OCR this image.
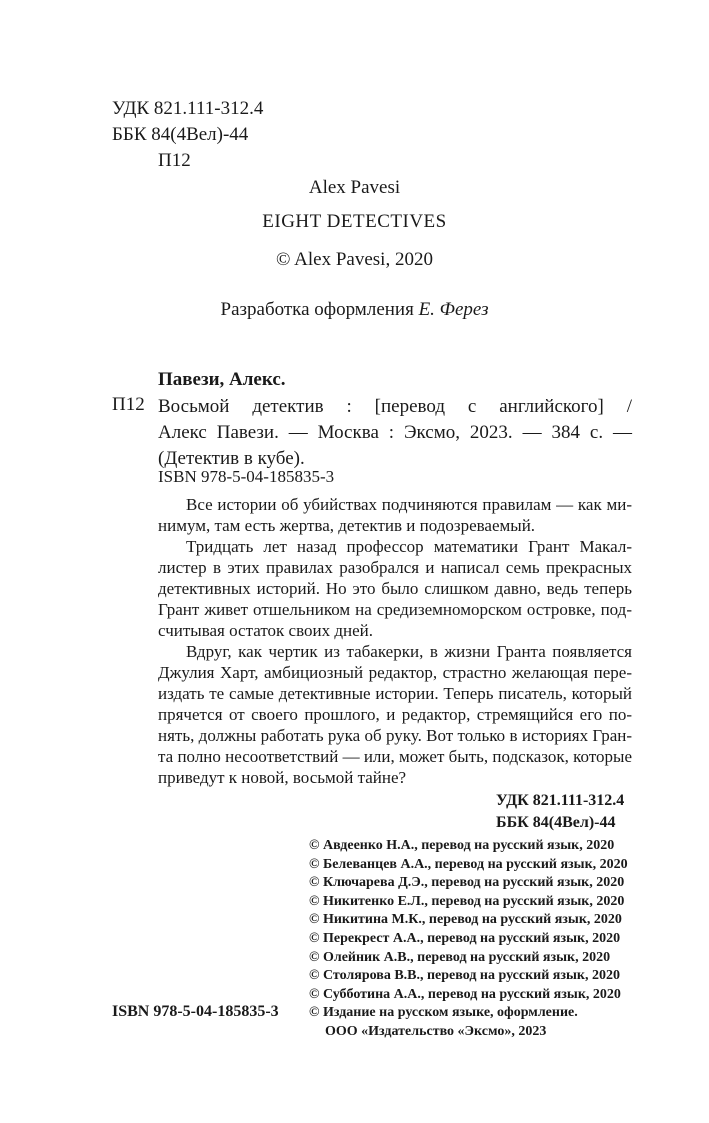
УДК 821.111-312.4
ББК 84(4Вел)-44
П12
Alex Pavesi
EIGHT DETECTIVES
© Alex Pavesi, 2020
Разработка оформления Е. Ферез
Павези, Алекс.
П12 Восьмой детектив : [перевод с английского] /
Алекс Павези. — Москва : Эксмо, 2023. — 384 с. —
(Детектив в кубе).
ISBN 978-5-04-185835-3

Все истории об убийствах подчиняются правилам — как ми-

нимум, там есть жертва, детектив и подозреваемый.

Тридцать лет назад профессор математики Грант Макал-

листер в этих правилах разобрался и написал семь прекрасных

детективных историй. Но это было слишком давно, ведь теперь

Грант живет отшельником на средиземноморском островке, под-

считывая остаток своих дней.

Вдруг, как чертик из табакерки, в жизни Гранта появляется

Джулия Харт, амбициозный редактор, страстно желающая пере-

издать те самые детективные истории. Теперь писатель, который

прячется от своего прошлого, и редактор, стремящийся его по-

нять, должны работать рука об руку. Вот только в историях Гран-

та полно несоответствий — или, может быть, подсказок, которые

приведут к новой, восьмой тайне?

УДК 821.111-312.4
ББК 84(4Вел)-44

© Авдеенко Н.А., перевод на русский язык, 2020

© Белеванцев А.А., перевод на русский язык, 2020

© Ключарева Д.Э., перевод на русский язык, 2020

© Никитенко Е.Л., перевод на русский язык, 2020

© Никитина М.К., перевод на русский язык, 2020

© Перекрест А.А., перевод на русский язык, 2020

© Олейник А.В., перевод на русский язык, 2020

© Столярова В.В., перевод на русский язык, 2020

© Субботина А.А., перевод на русский язык, 2020

© Издание на русском языке, оформление.

ООО «Издательство «Эксмо», 2023

ISBN 978-5-04-185835-3
